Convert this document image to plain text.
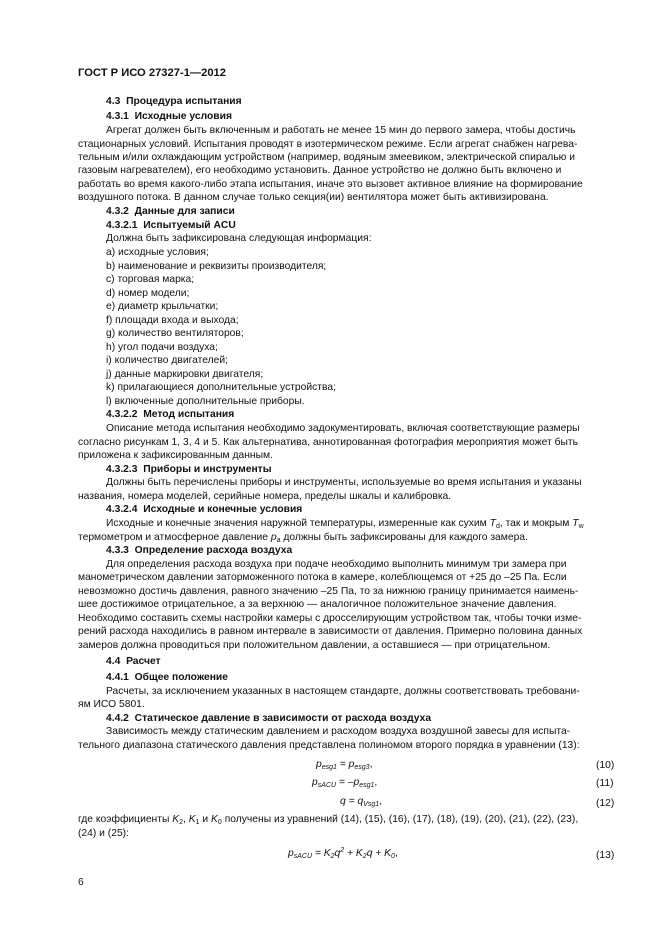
ГОСТ Р ИСО 27327-1—2012
4.3 Процедура испытания
4.3.1 Исходные условия
Агрегат должен быть включенным и работать не менее 15 мин до первого замера, чтобы достичь
стационарных условий. Испытания проводят в изотермическом режиме. Если агрегат снабжен нагрева-
тельным и/или охлаждающим устройством (например, водяным змеевиком, электрической спиралью и
газовым нагревателем), его необходимо установить. Данное устройство не должно быть включено и
работать во время какого-либо этапа испытания, иначе это вызовет активное влияние на формирование
воздушного потока. В данном случае только секция(ии) вентилятора может быть активизирована.
4.3.2 Данные для записи
4.3.2.1 Испытуемый ACU
Должна быть зафиксирована следующая информация:
a) исходные условия;
b) наименование и реквизиты производителя;
c) торговая марка;
d) номер модели;
e) диаметр крыльчатки;
f) площади входа и выхода;
g) количество вентиляторов;
h) угол подачи воздуха;
i) количество двигателей;
j) данные маркировки двигателя;
k) прилагающиеся дополнительные устройства;
l) включенные дополнительные приборы.
4.3.2.2 Метод испытания
Описание метода испытания необходимо задокументировать, включая соответствующие размеры
согласно рисункам 1, 3, 4 и 5. Как альтернатива, аннотированная фотография мероприятия может быть
приложена к зафиксированным данным.
4.3.2.3 Приборы и инструменты
Должны быть перечислены приборы и инструменты, используемые во время испытания и указаны
названия, номера моделей, серийные номера, пределы шкалы и калибровка.
4.3.2.4 Исходные и конечные условия
Исходные и конечные значения наружной температуры, измеренные как сухим $T_d$, так и мокрым $T_w$
термометром и атмосферное давление $p_a$ должны быть зафиксированы для каждого замера.
4.3.3 Определение расхода воздуха
Для определения расхода воздуха при подаче необходимо выполнить минимум три замера при
манометрическом давлении заторможенного потока в камере, колеблющемся от +25 до –25 Па. Если
невозможно достичь давления, равного значению –25 Па, то за нижнюю границу принимается наимень-
шее достижимое отрицательное, а за верхнюю — аналогичное положительное значение давления.
Необходимо составить схемы настройки камеры с дросселирующим устройством так, чтобы точки изме-
рений расхода находились в равном интервале в зависимости от давления. Примерно половина данных
замеров должна проводиться при положительном давлении, а оставшиеся — при отрицательном.
4.4 Расчет
4.4.1 Общее положение
Расчеты, за исключением указанных в настоящем стандарте, должны соответствовать требовани-
ям ИСО 5801.
4.4.2 Статическое давление в зависимости от расхода воздуха
Зависимость между статическим давлением и расходом воздуха воздушной завесы для испыта-
тельного диапазона статического давления представлена полиномом второго порядка в уравнении (13):
$p_{esg1} = p_{esg3}$,	(10)
$p_{sACU} = -p_{esg1}$,	(11)
$q = q_{Vsg1}$,	(12)
где коэффициенты $K_2$, $K_1$ и $K_0$ получены из уравнений (14), (15), (16), (17), (18), (19), (20), (21), (22), (23),
(24) и (25):
$p_{sACU} = K_2q^2 + K_2q + K_0$,	(13)
6
